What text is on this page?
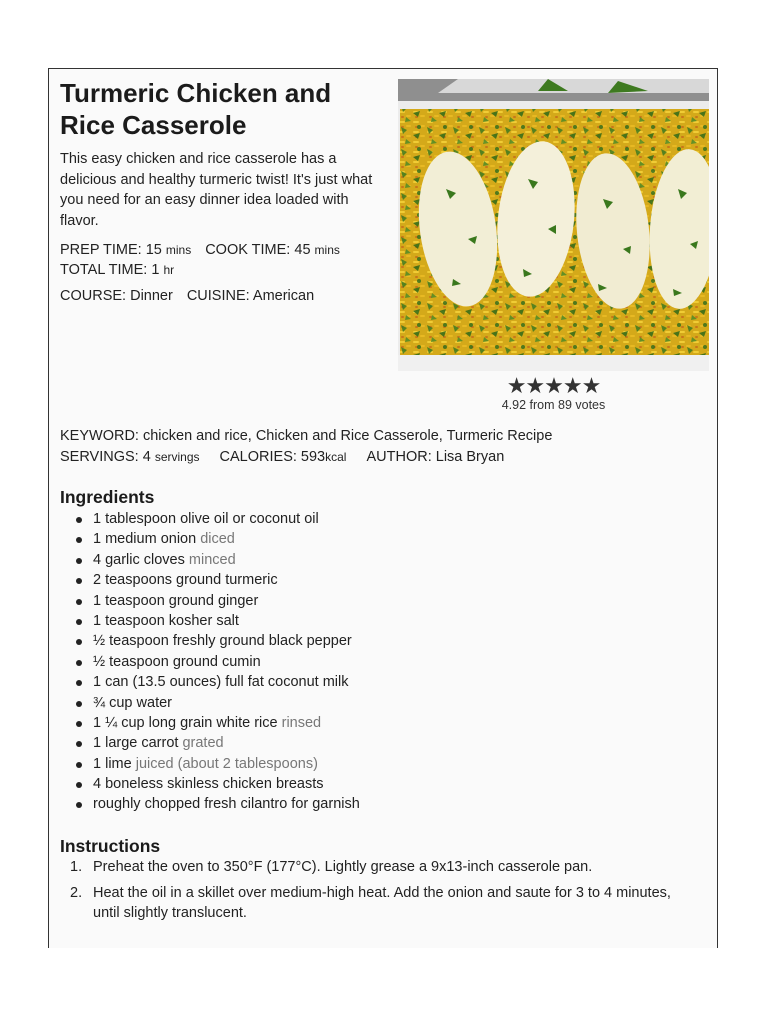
Turmeric Chicken and Rice Casserole

This easy chicken and rice casserole has a delicious and healthy turmeric twist! It's just what you need for an easy dinner idea loaded with flavor.

PREP TIME: 15 mins COOK TIME: 45 mins
TOTAL TIME: 1 hr
COURSE: Dinner CUISINE: American
★★★★★
4.92 from 89 votes
KEYWORD: chicken and rice, Chicken and Rice Casserole, Turmeric Recipe
SERVINGS: 4 servings CALORIES: 593kcal AUTHOR: Lisa Bryan
Ingredients
1 tablespoon olive oil or coconut oil
1 medium onion diced
4 garlic cloves minced
2 teaspoons ground turmeric
1 teaspoon ground ginger
1 teaspoon kosher salt
½ teaspoon freshly ground black pepper
½ teaspoon ground cumin
1 can (13.5 ounces) full fat coconut milk
¾ cup water
1 ¼ cup long grain white rice rinsed
1 large carrot grated
1 lime juiced (about 2 tablespoons)
4 boneless skinless chicken breasts
roughly chopped fresh cilantro for garnish
Instructions
1. Preheat the oven to 350°F (177°C). Lightly grease a 9x13-inch casserole pan.
2. Heat the oil in a skillet over medium-high heat. Add the onion and saute for 3 to 4 minutes, until slightly translucent.
